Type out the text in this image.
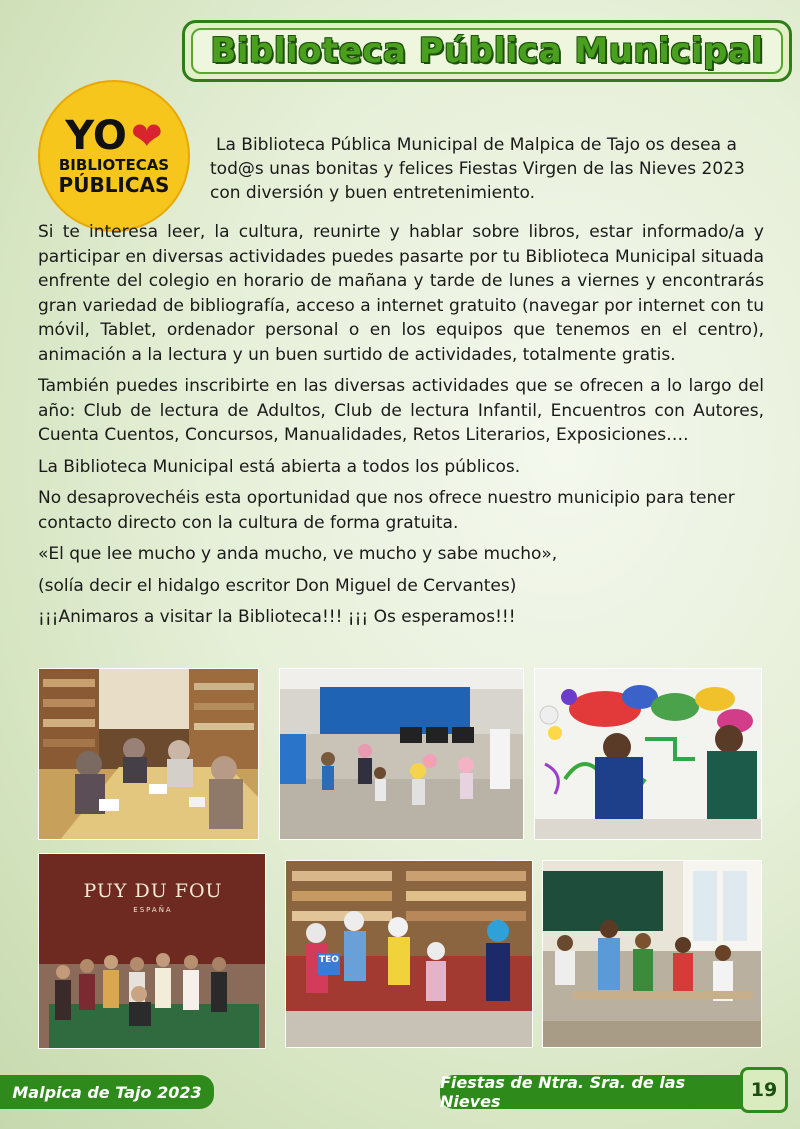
Biblioteca Pública Municipal
YO ❤
BIBLIOTECAS
PÚBLICAS

La Biblioteca Pública Municipal de Malpica de Tajo os desea a tod@s unas bonitas y felices Fiestas Virgen de las Nieves 2023 con diversión y buen entretenimiento.

Si te interesa leer, la cultura, reunirte y hablar sobre libros, estar informado/a y participar en diversas actividades puedes pasarte por tu Biblioteca Municipal situada enfrente del colegio en horario de mañana y tarde de lunes a viernes y encontrarás gran variedad de bibliografía, acceso a internet gratuito (navegar por internet con tu móvil, Tablet, ordenador personal o en los equipos que tenemos en el centro), animación a la lectura y un buen surtido de actividades, totalmente gratis.

También puedes inscribirte en las diversas actividades que se ofrecen a lo largo del año: Club de lectura de Adultos, Club de lectura Infantil, Encuentros con Autores, Cuenta Cuentos, Concursos, Manualidades, Retos Literarios, Exposiciones….

La Biblioteca Municipal está abierta a todos los públicos.

No desaprovechéis esta oportunidad que nos ofrece nuestro municipio para tener contacto directo con la cultura de forma gratuita.

«El que lee mucho y anda mucho, ve mucho y sabe mucho»,

(solía decir el hidalgo escritor Don Miguel de Cervantes)

¡¡¡Animaros a visitar la Biblioteca!!! ¡¡¡ Os esperamos!!!

PUY DU FOU
ESPAÑA
TEO
Malpica de Tajo 2023	Fiestas de Ntra. Sra. de las Nieves
19
